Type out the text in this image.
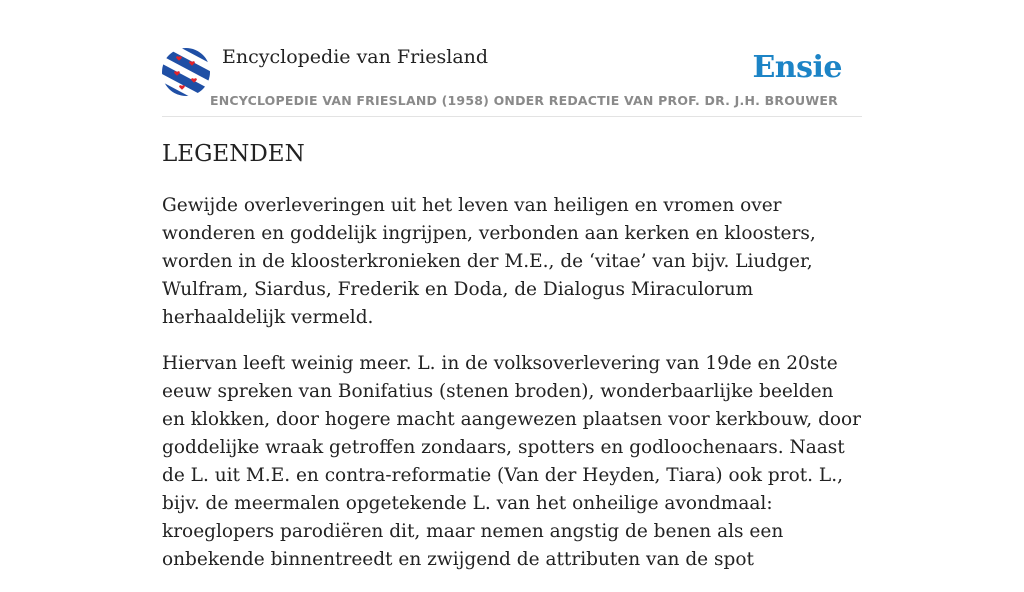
Encyclopedie van Friesland	Ensie
ENCYCLOPEDIE VAN FRIESLAND (1958) ONDER REDACTIE VAN PROF. DR. J.H. BROUWER
LEGENDEN

Gewijde overleveringen uit het leven van heiligen en vromen over wonderen en goddelijk ingrijpen, verbonden aan kerken en kloosters, worden in de kloosterkronieken der M.E., de ‘vitae’ van bijv. Liudger, Wulfram, Siardus, Frederik en Doda, de Dialogus Miraculorum herhaaldelijk vermeld.

Hiervan leeft weinig meer. L. in de volksoverlevering van 19de en 20ste eeuw spreken van Bonifatius (stenen broden), wonderbaarlijke beelden en klokken, door hogere macht aangewezen plaatsen voor kerkbouw, door goddelijke wraak getroffen zondaars, spotters en godloochenaars. Naast de L. uit M.E. en contra-reformatie (Van der Heyden, Tiara) ook prot. L., bijv. de meermalen opgetekende L. van het onheilige avondmaal: kroeglopers parodiëren dit, maar nemen angstig de benen als een onbekende binnentreedt en zwijgend de attributen van de spot
